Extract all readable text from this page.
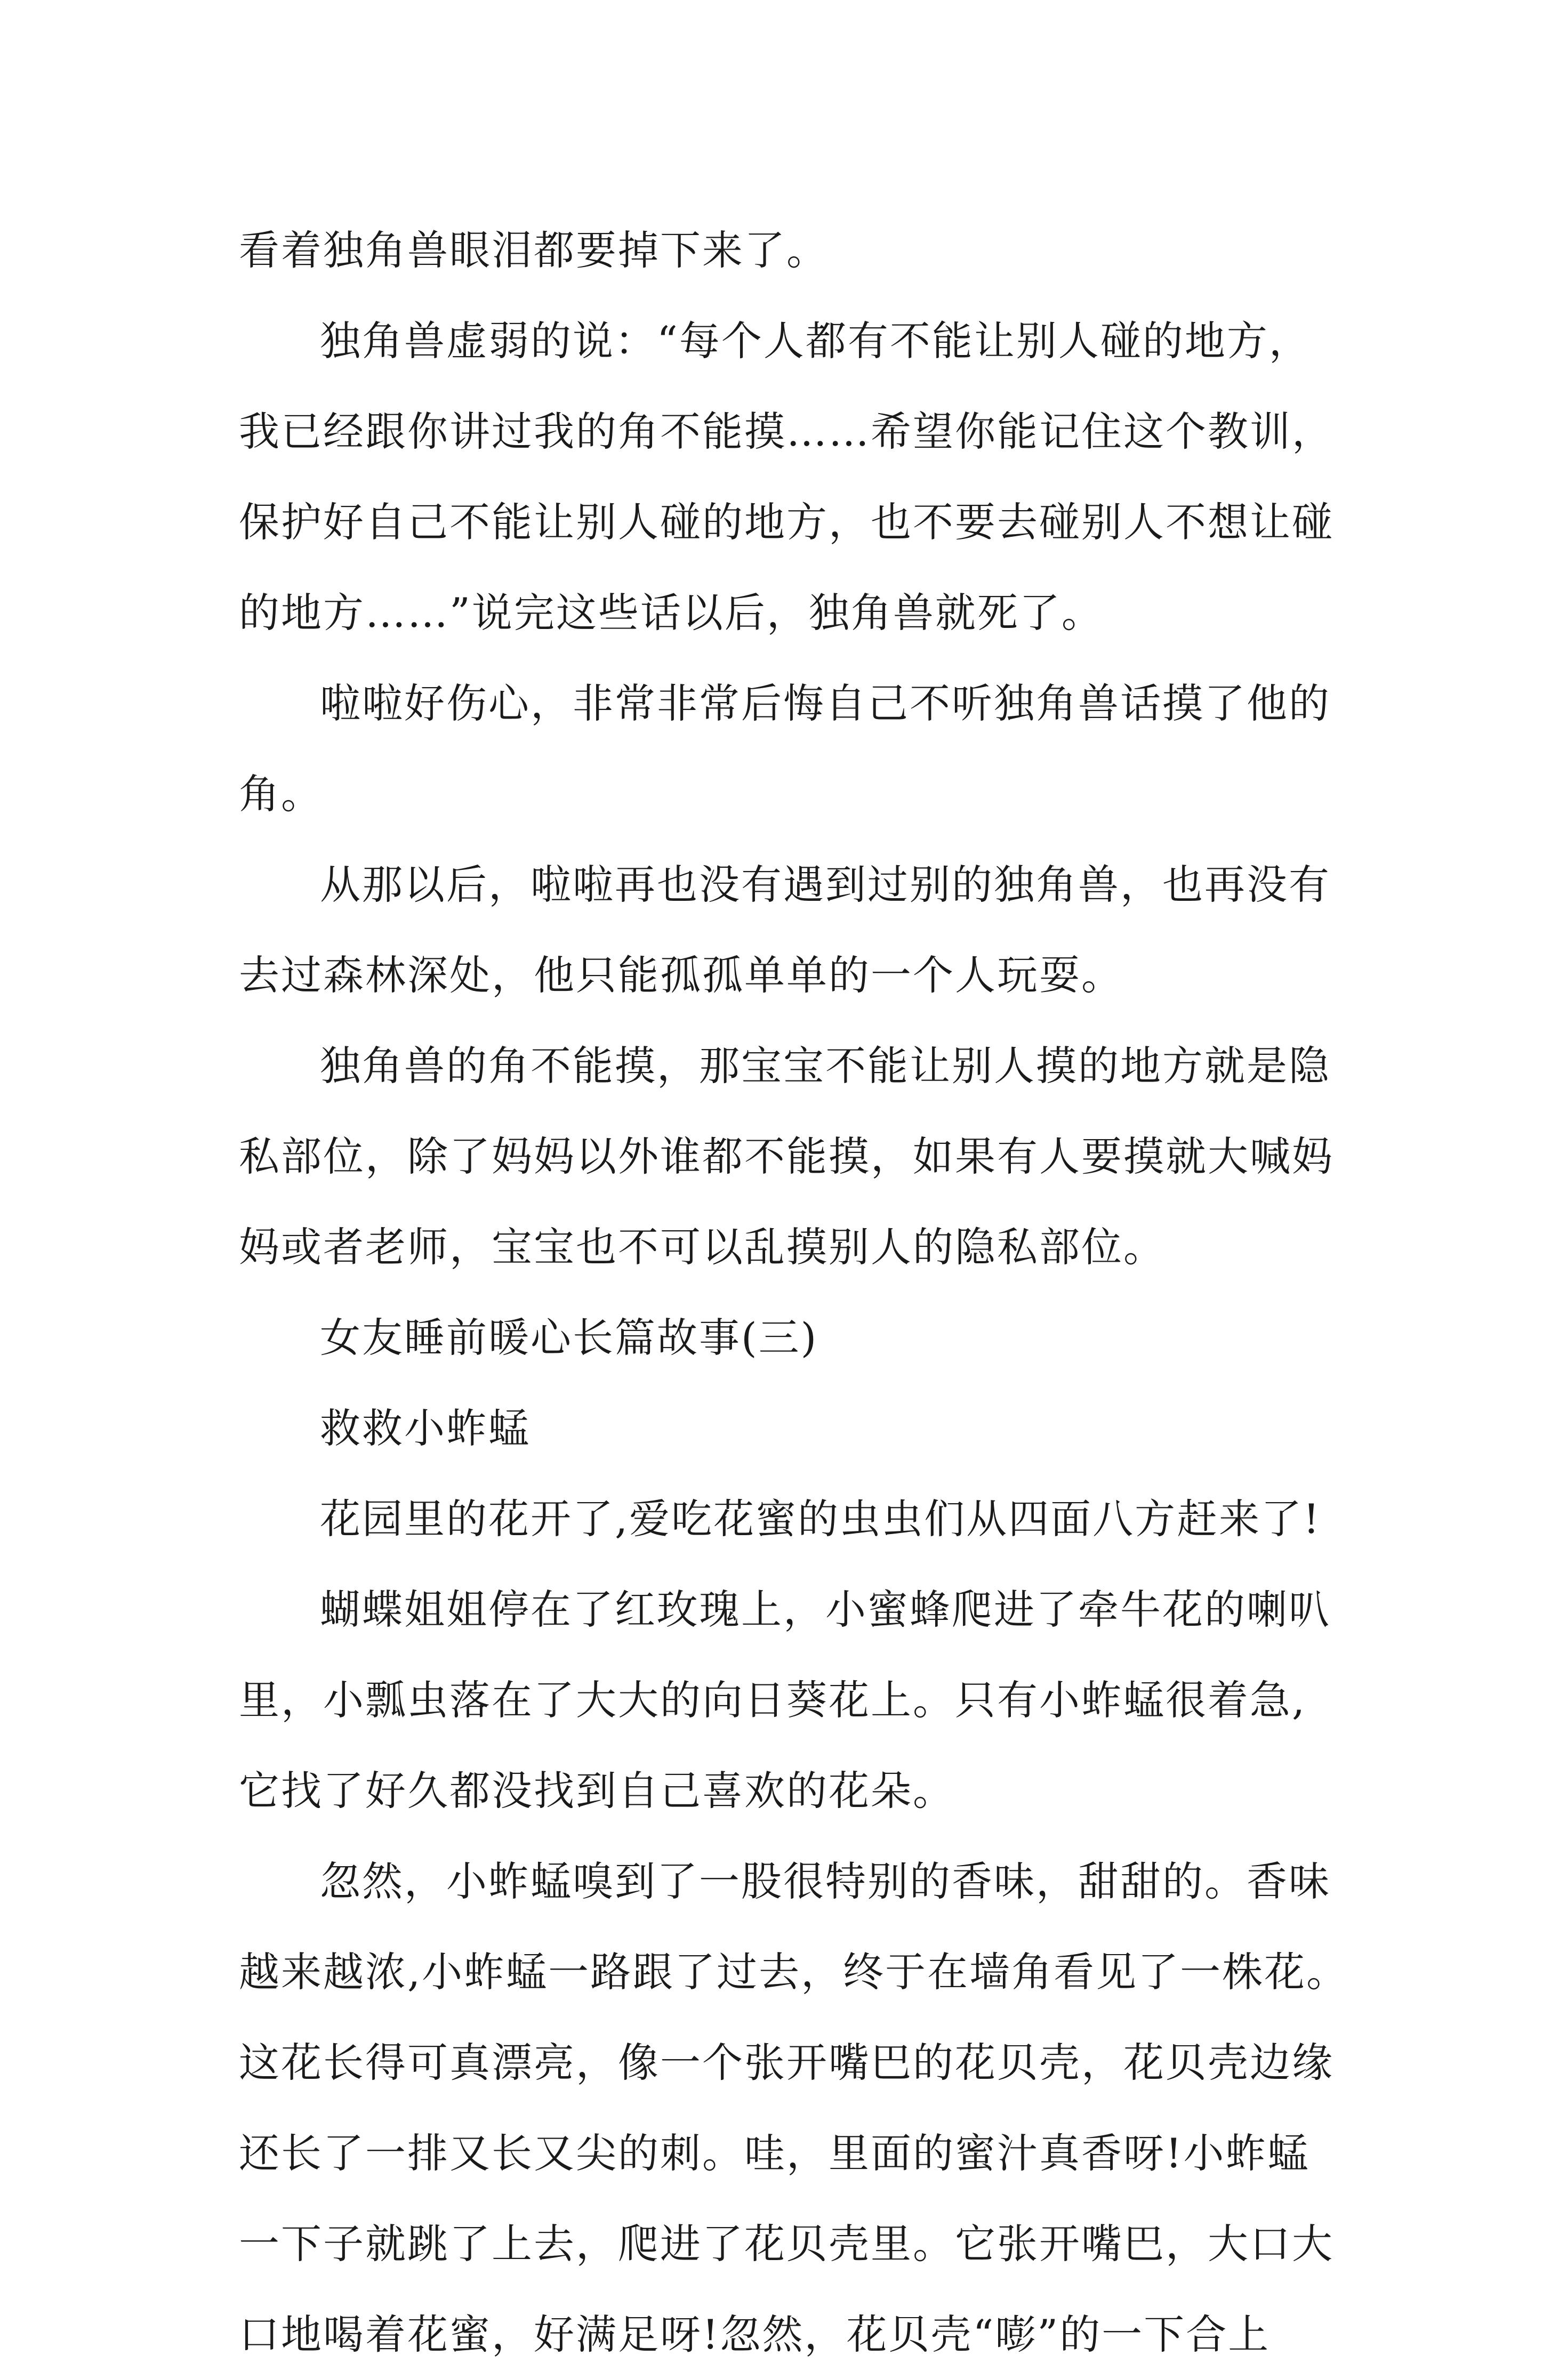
看着独角兽眼泪都要掉下来了。
独角兽虚弱的说：“每个人都有不能让别人碰的地方，
我已经跟你讲过我的角不能摸……希望你能记住这个教训，
保护好自己不能让别人碰的地方，也不要去碰别人不想让碰
的地方……”说完这些话以后，独角兽就死了。
啦啦好伤心，非常非常后悔自己不听独角兽话摸了他的
角。
从那以后，啦啦再也没有遇到过别的独角兽，也再没有
去过森林深处，他只能孤孤单单的一个人玩耍。
独角兽的角不能摸，那宝宝不能让别人摸的地方就是隐
私部位，除了妈妈以外谁都不能摸，如果有人要摸就大喊妈
妈或者老师，宝宝也不可以乱摸别人的隐私部位。
女友睡前暖心长篇故事(三)
救救小蚱蜢
花园里的花开了,爱吃花蜜的虫虫们从四面八方赶来了!
蝴蝶姐姐停在了红玫瑰上，小蜜蜂爬进了牵牛花的喇叭
里，小瓢虫落在了大大的向日葵花上。只有小蚱蜢很着急,
它找了好久都没找到自己喜欢的花朵。
忽然，小蚱蜢嗅到了一股很特别的香味，甜甜的。香味
越来越浓,小蚱蜢一路跟了过去，终于在墙角看见了一株花。
这花长得可真漂亮，像一个张开嘴巴的花贝壳，花贝壳边缘
还长了一排又长又尖的刺。哇，里面的蜜汁真香呀!小蚱蜢
一下子就跳了上去，爬进了花贝壳里。它张开嘴巴，大口大
口地喝着花蜜，好满足呀!忽然，花贝壳“嘭”的一下合上
